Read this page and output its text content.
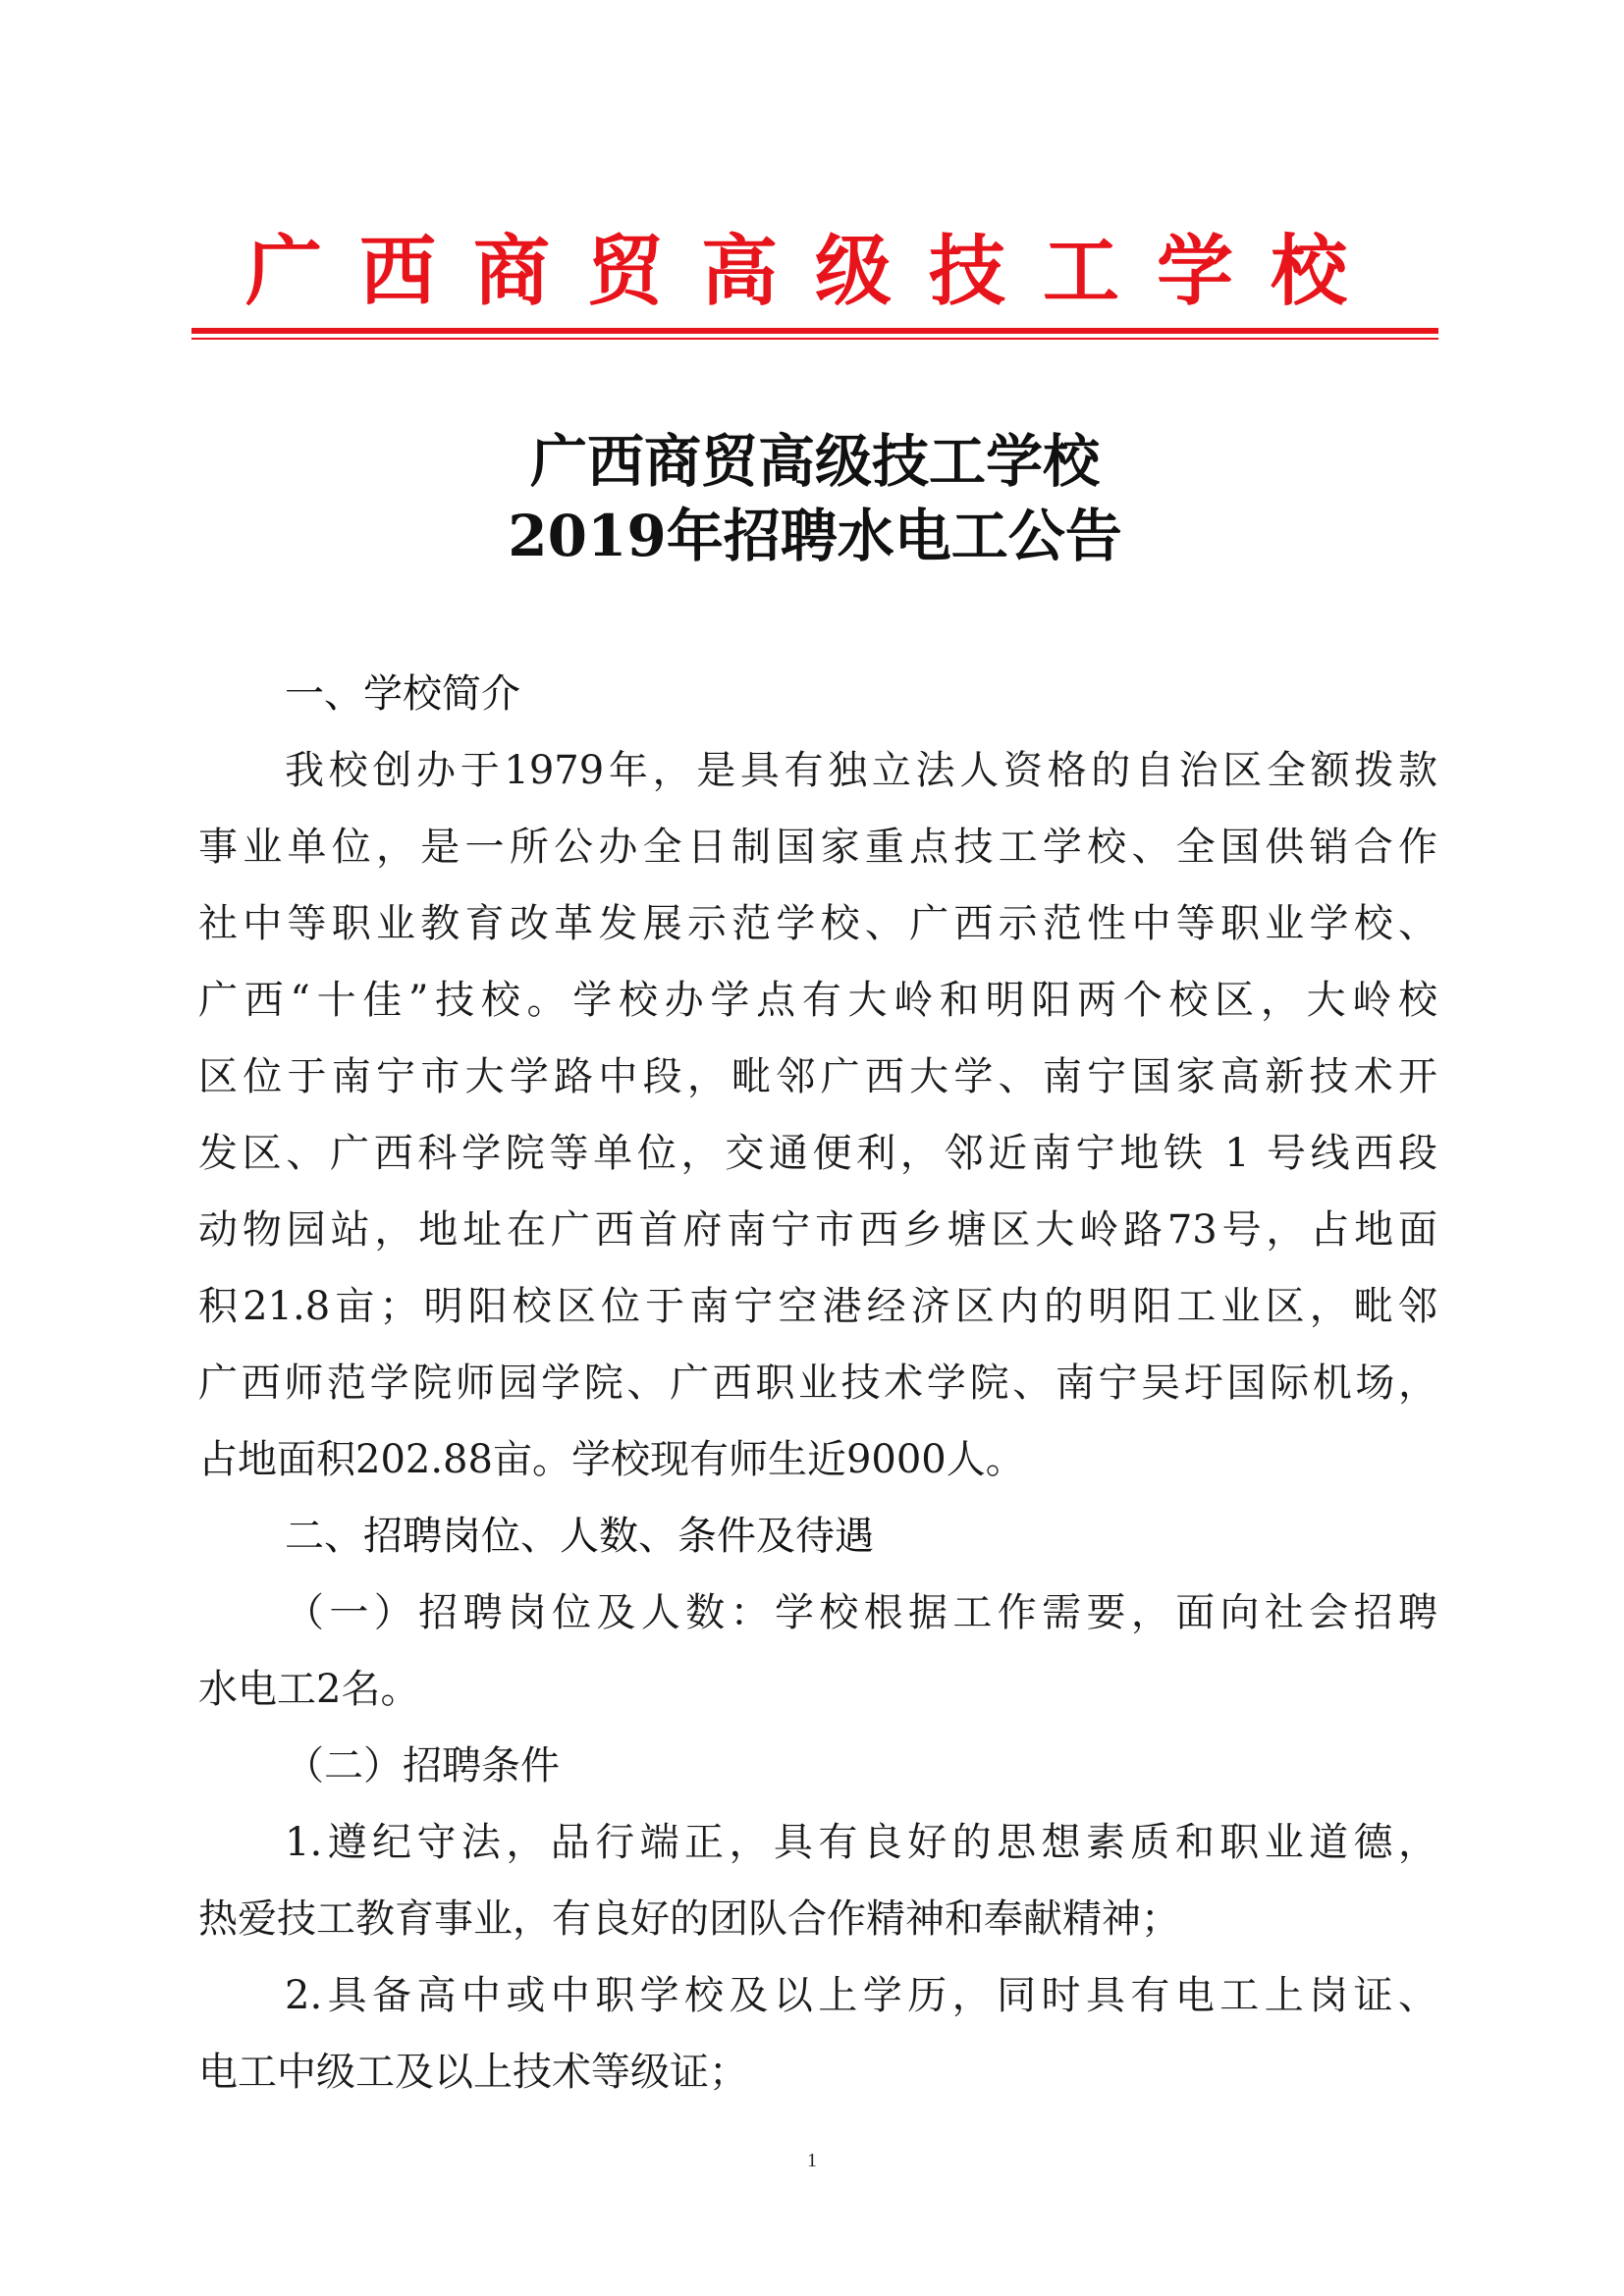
广西商贸高级技工学校
广西商贸高级技工学校
2019年招聘水电工公告
一、学校简介
我校创办于1979年，是具有独立法人资格的自治区全额拨款
事业单位，是一所公办全日制国家重点技工学校、全国供销合作
社中等职业教育改革发展示范学校、广西示范性中等职业学校、
广西“十佳”技校。学校办学点有大岭和明阳两个校区，大岭校
区位于南宁市大学路中段，毗邻广西大学、南宁国家高新技术开
发区、广西科学院等单位，交通便利，邻近南宁地铁 1 号线西段
动物园站，地址在广西首府南宁市西乡塘区大岭路73号，占地面
积21.8亩；明阳校区位于南宁空港经济区内的明阳工业区，毗邻
广西师范学院师园学院、广西职业技术学院、南宁吴圩国际机场，
占地面积202.88亩。学校现有师生近9000人。
二、招聘岗位、人数、条件及待遇
（一）招聘岗位及人数：学校根据工作需要，面向社会招聘
水电工2名。
（二）招聘条件
1.遵纪守法，品行端正，具有良好的思想素质和职业道德，
热爱技工教育事业，有良好的团队合作精神和奉献精神；
2.具备高中或中职学校及以上学历，同时具有电工上岗证、
电工中级工及以上技术等级证；
1
